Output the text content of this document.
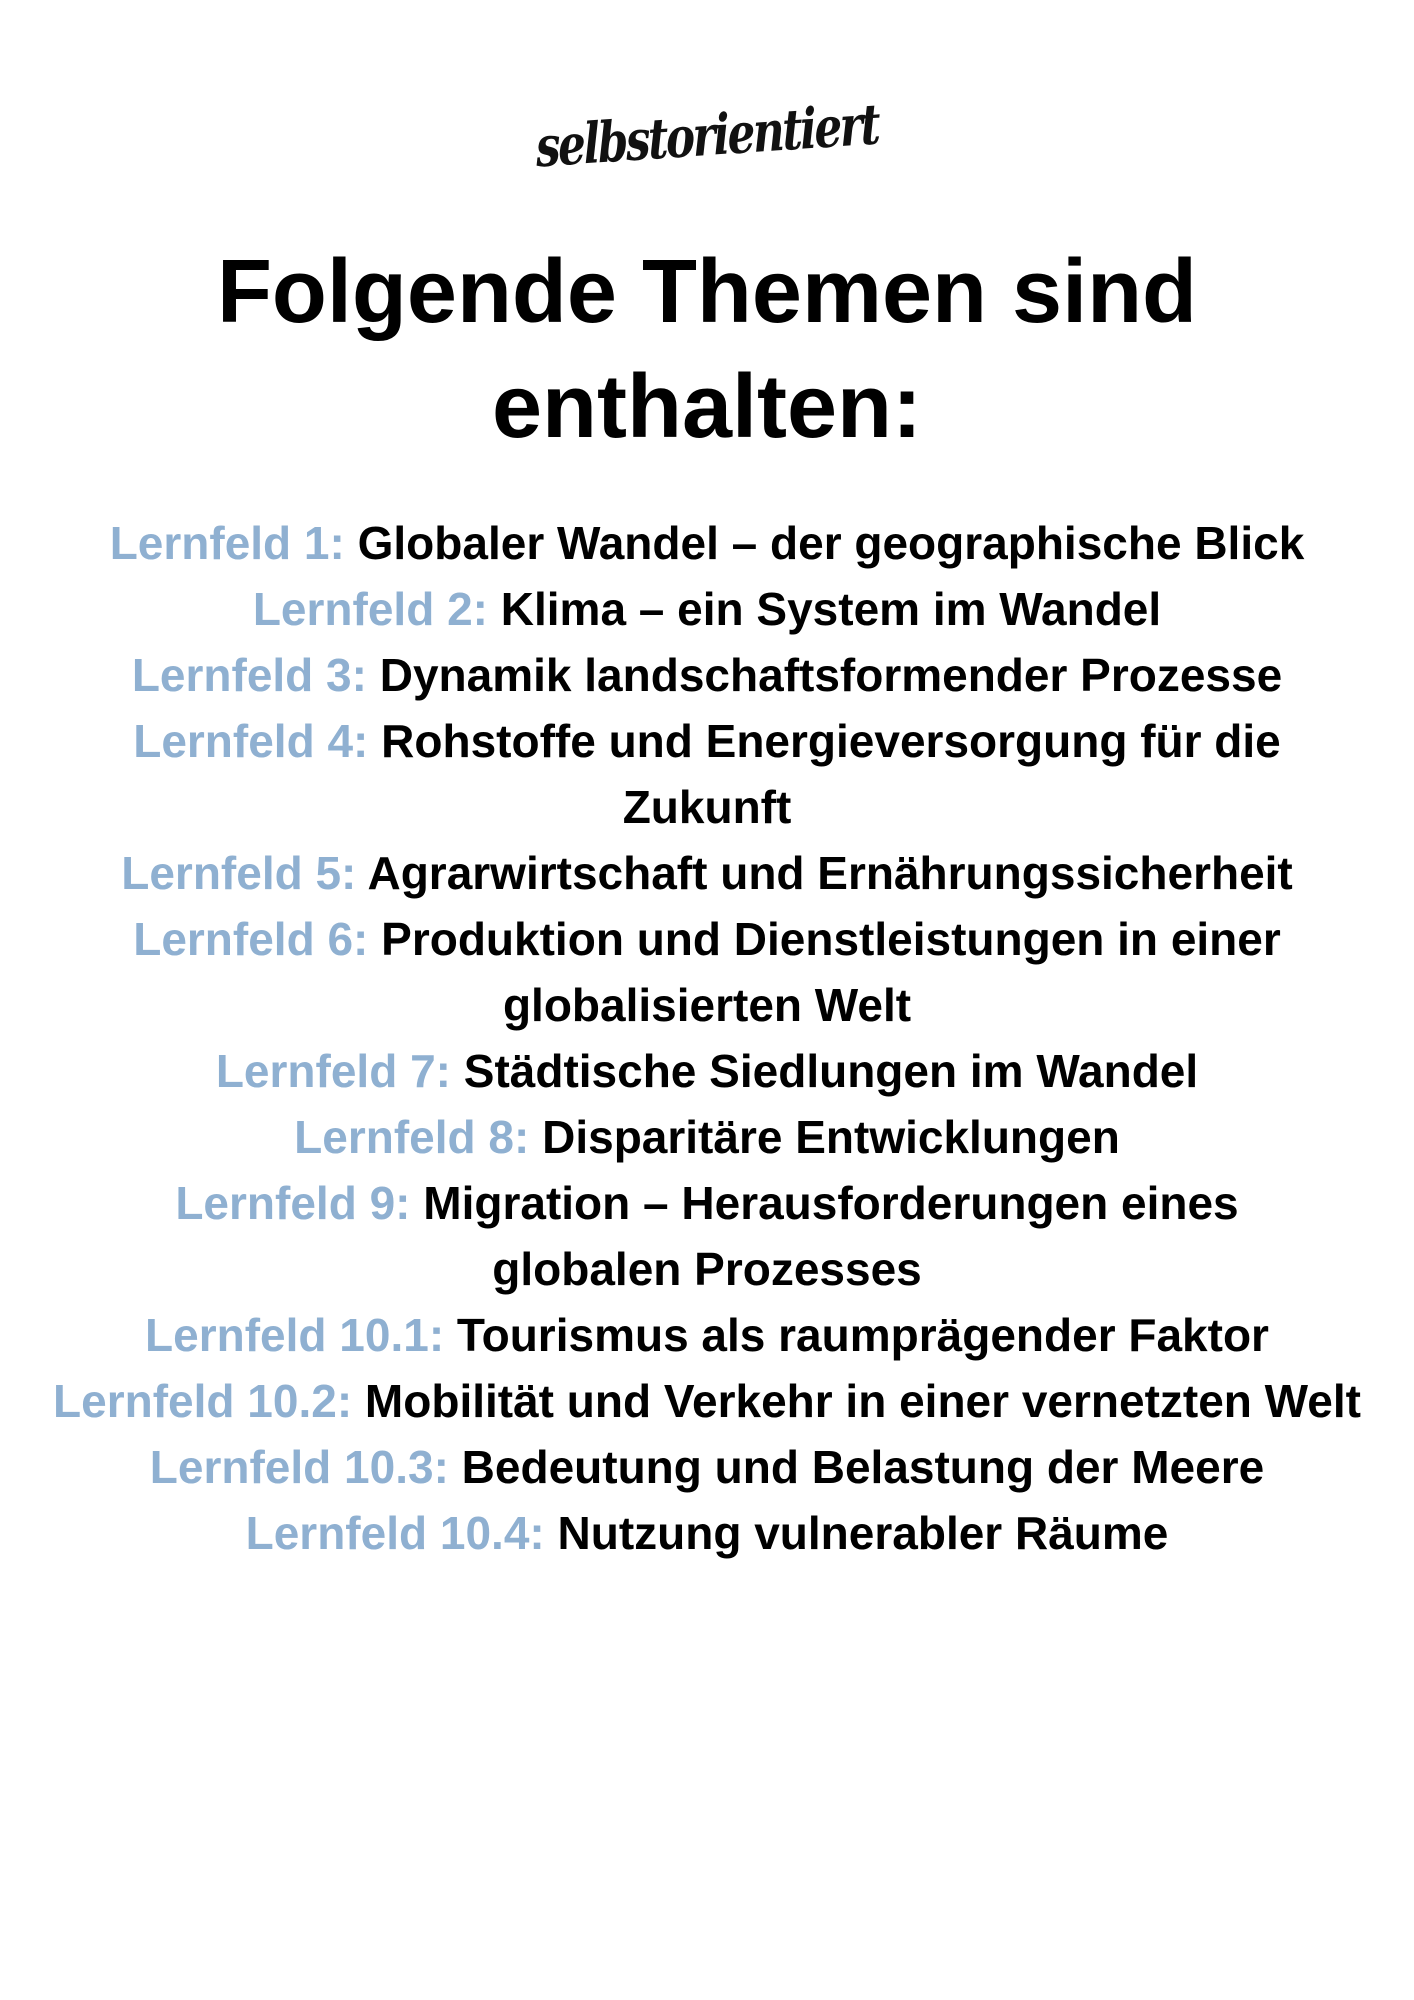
selbstorientiert
Folgende Themen sind enthalten:
Lernfeld 1: Globaler Wandel – der geographische Blick
Lernfeld 2: Klima – ein System im Wandel
Lernfeld 3: Dynamik landschaftsformender Prozesse
Lernfeld 4: Rohstoffe und Energieversorgung für die Zukunft
Lernfeld 5: Agrarwirtschaft und Ernährungssicherheit
Lernfeld 6: Produktion und Dienstleistungen in einer globalisierten Welt
Lernfeld 7: Städtische Siedlungen im Wandel
Lernfeld 8: Disparitäre Entwicklungen
Lernfeld 9: Migration – Herausforderungen eines globalen Prozesses
Lernfeld 10.1: Tourismus als raumprägender Faktor
Lernfeld 10.2: Mobilität und Verkehr in einer vernetzten Welt
Lernfeld 10.3: Bedeutung und Belastung der Meere
Lernfeld 10.4: Nutzung vulnerabler Räume
